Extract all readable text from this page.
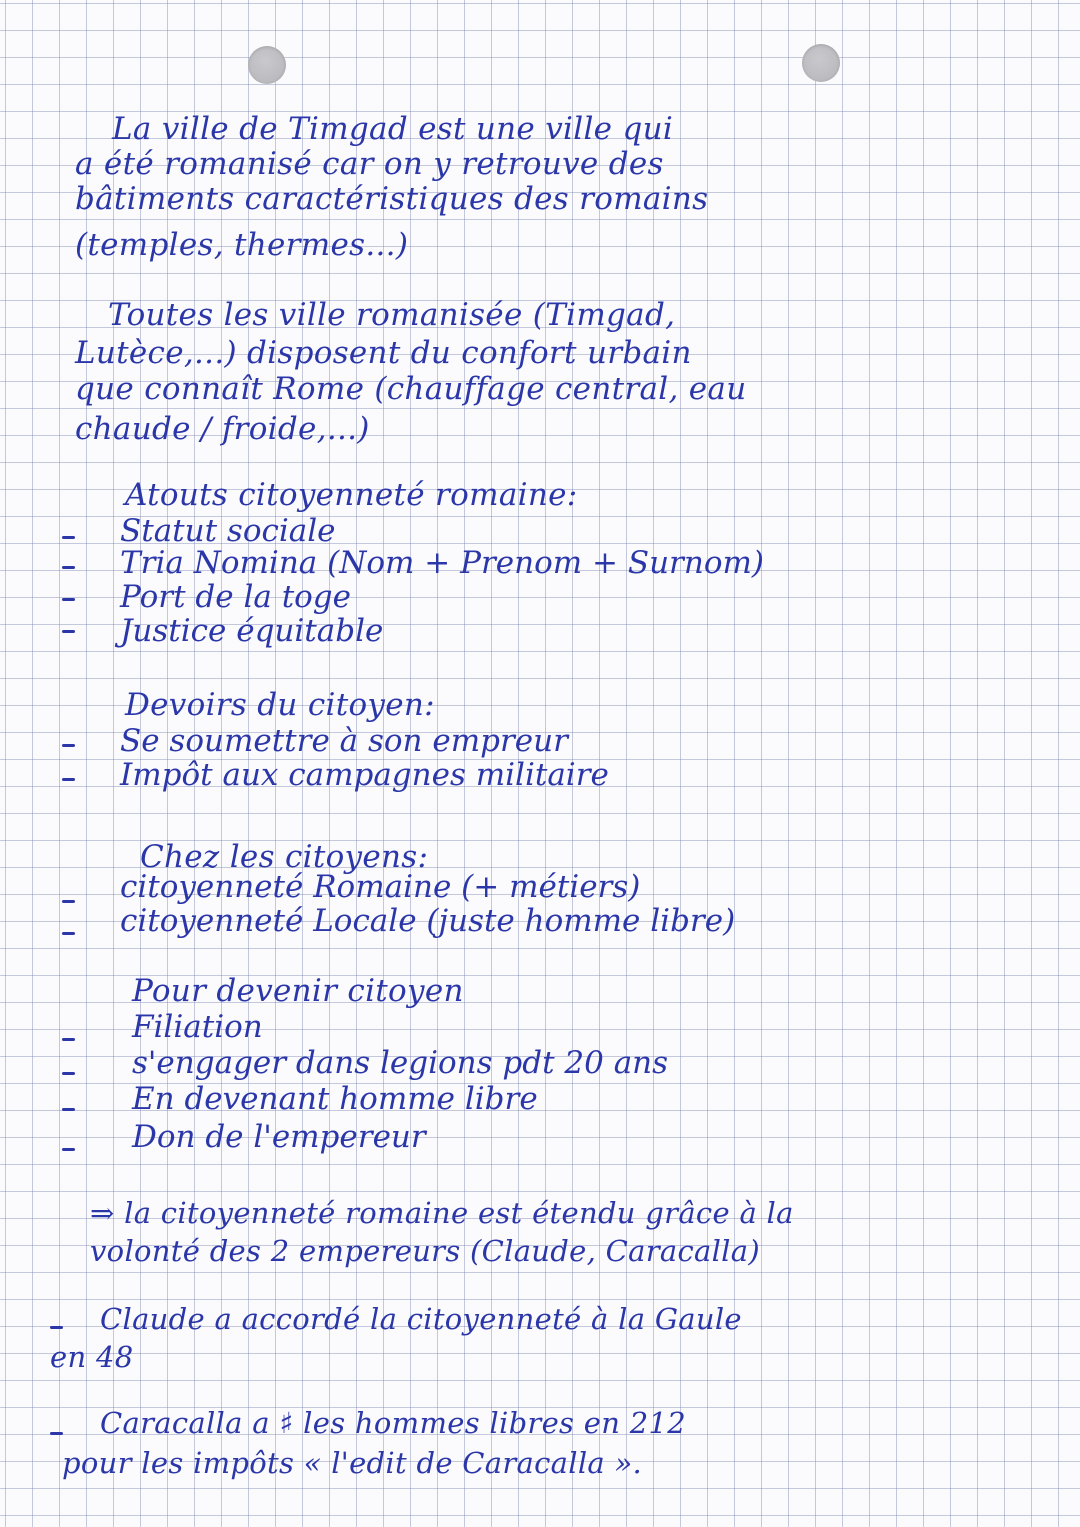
La ville de Timgad est une ville qui

a été romanisé car on y retrouve des

bâtiments caractéristiques des romains

(temples, thermes...)

Toutes les ville romanisée (Timgad,

Lutèce,...) disposent du confort urbain

que connaît Rome (chauffage central, eau

chaude / froide,...)

Atouts citoyenneté romaine:

Statut sociale

Tria Nomina (Nom + Prenom + Surnom)

Port de la toge

Justice équitable

Devoirs du citoyen:

Se soumettre à son empreur

Impôt aux campagnes militaire

Chez les citoyens:

citoyenneté Romaine (+ métiers)

citoyenneté Locale (juste homme libre)

Pour devenir citoyen

Filiation

s'engager dans legions pdt 20 ans

En devenant homme libre

Don de l'empereur

⇒ la citoyenneté romaine est étendu grâce à la

volonté des 2 empereurs (Claude, Caracalla)

Claude a accordé la citoyenneté à la Gaule

en 48

Caracalla a ♯ les hommes libres en 212

pour les impôts « l'edit de Caracalla ».
